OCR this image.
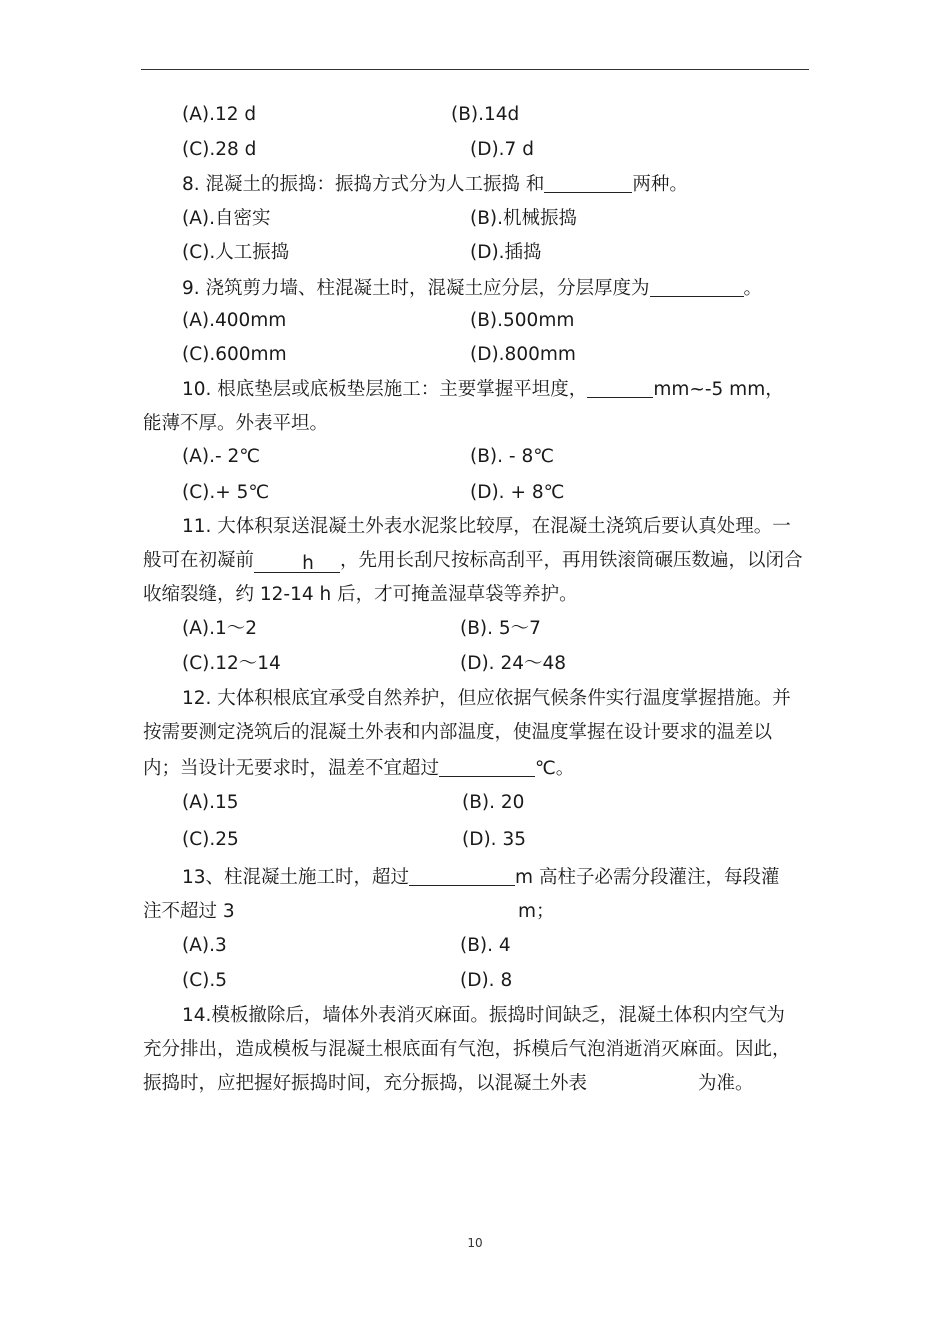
(A).12 d	(B).14d
(C).28 d	(D).7 d
8. 混凝土的振捣：振捣方式分为人工振捣 和	两种。
(A).自密实	(B).机械振捣
(C).人工振捣	(D).插捣
9. 浇筑剪力墙、柱混凝土时，混凝土应分层，分层厚度为	。
(A).400mm	(B).500mm
(C).600mm	(D).800mm
10. 根底垫层或底板垫层施工：主要掌握平坦度，	mm~-5 mm，
能薄不厚。外表平坦。
(A).- 2℃	(B). - 8℃
(C).+ 5℃	(D). + 8℃
11. 大体积泵送混凝土外表水泥浆比较厚，在混凝土浇筑后要认真处理。一
般可在初凝前	h ，先用长刮尺按标高刮平，再用铁滚筒碾压数遍，以闭合
收缩裂缝，约 12-14 h 后，才可掩盖湿草袋等养护。
(A).1～2	(B). 5～7
(C).12～14	(D). 24～48
12. 大体积根底宜承受自然养护，但应依据气候条件实行温度掌握措施。并
按需要测定浇筑后的混凝土外表和内部温度，使温度掌握在设计要求的温差以
内；当设计无要求时，温差不宜超过	℃。
(A).15	(B). 20
(C).25	(D). 35
13、柱混凝土施工时，超过	m 高柱子必需分段灌注，每段灌
注不超过 3	m；
(A).3	(B). 4
(C).5	(D). 8
14.模板撤除后，墙体外表消灭麻面。振捣时间缺乏，混凝土体积内空气为
充分排出，造成模板与混凝土根底面有气泡，拆模后气泡消逝消灭麻面。因此，
振捣时，应把握好振捣时间，充分振捣，以混凝土外表	为准。
10
